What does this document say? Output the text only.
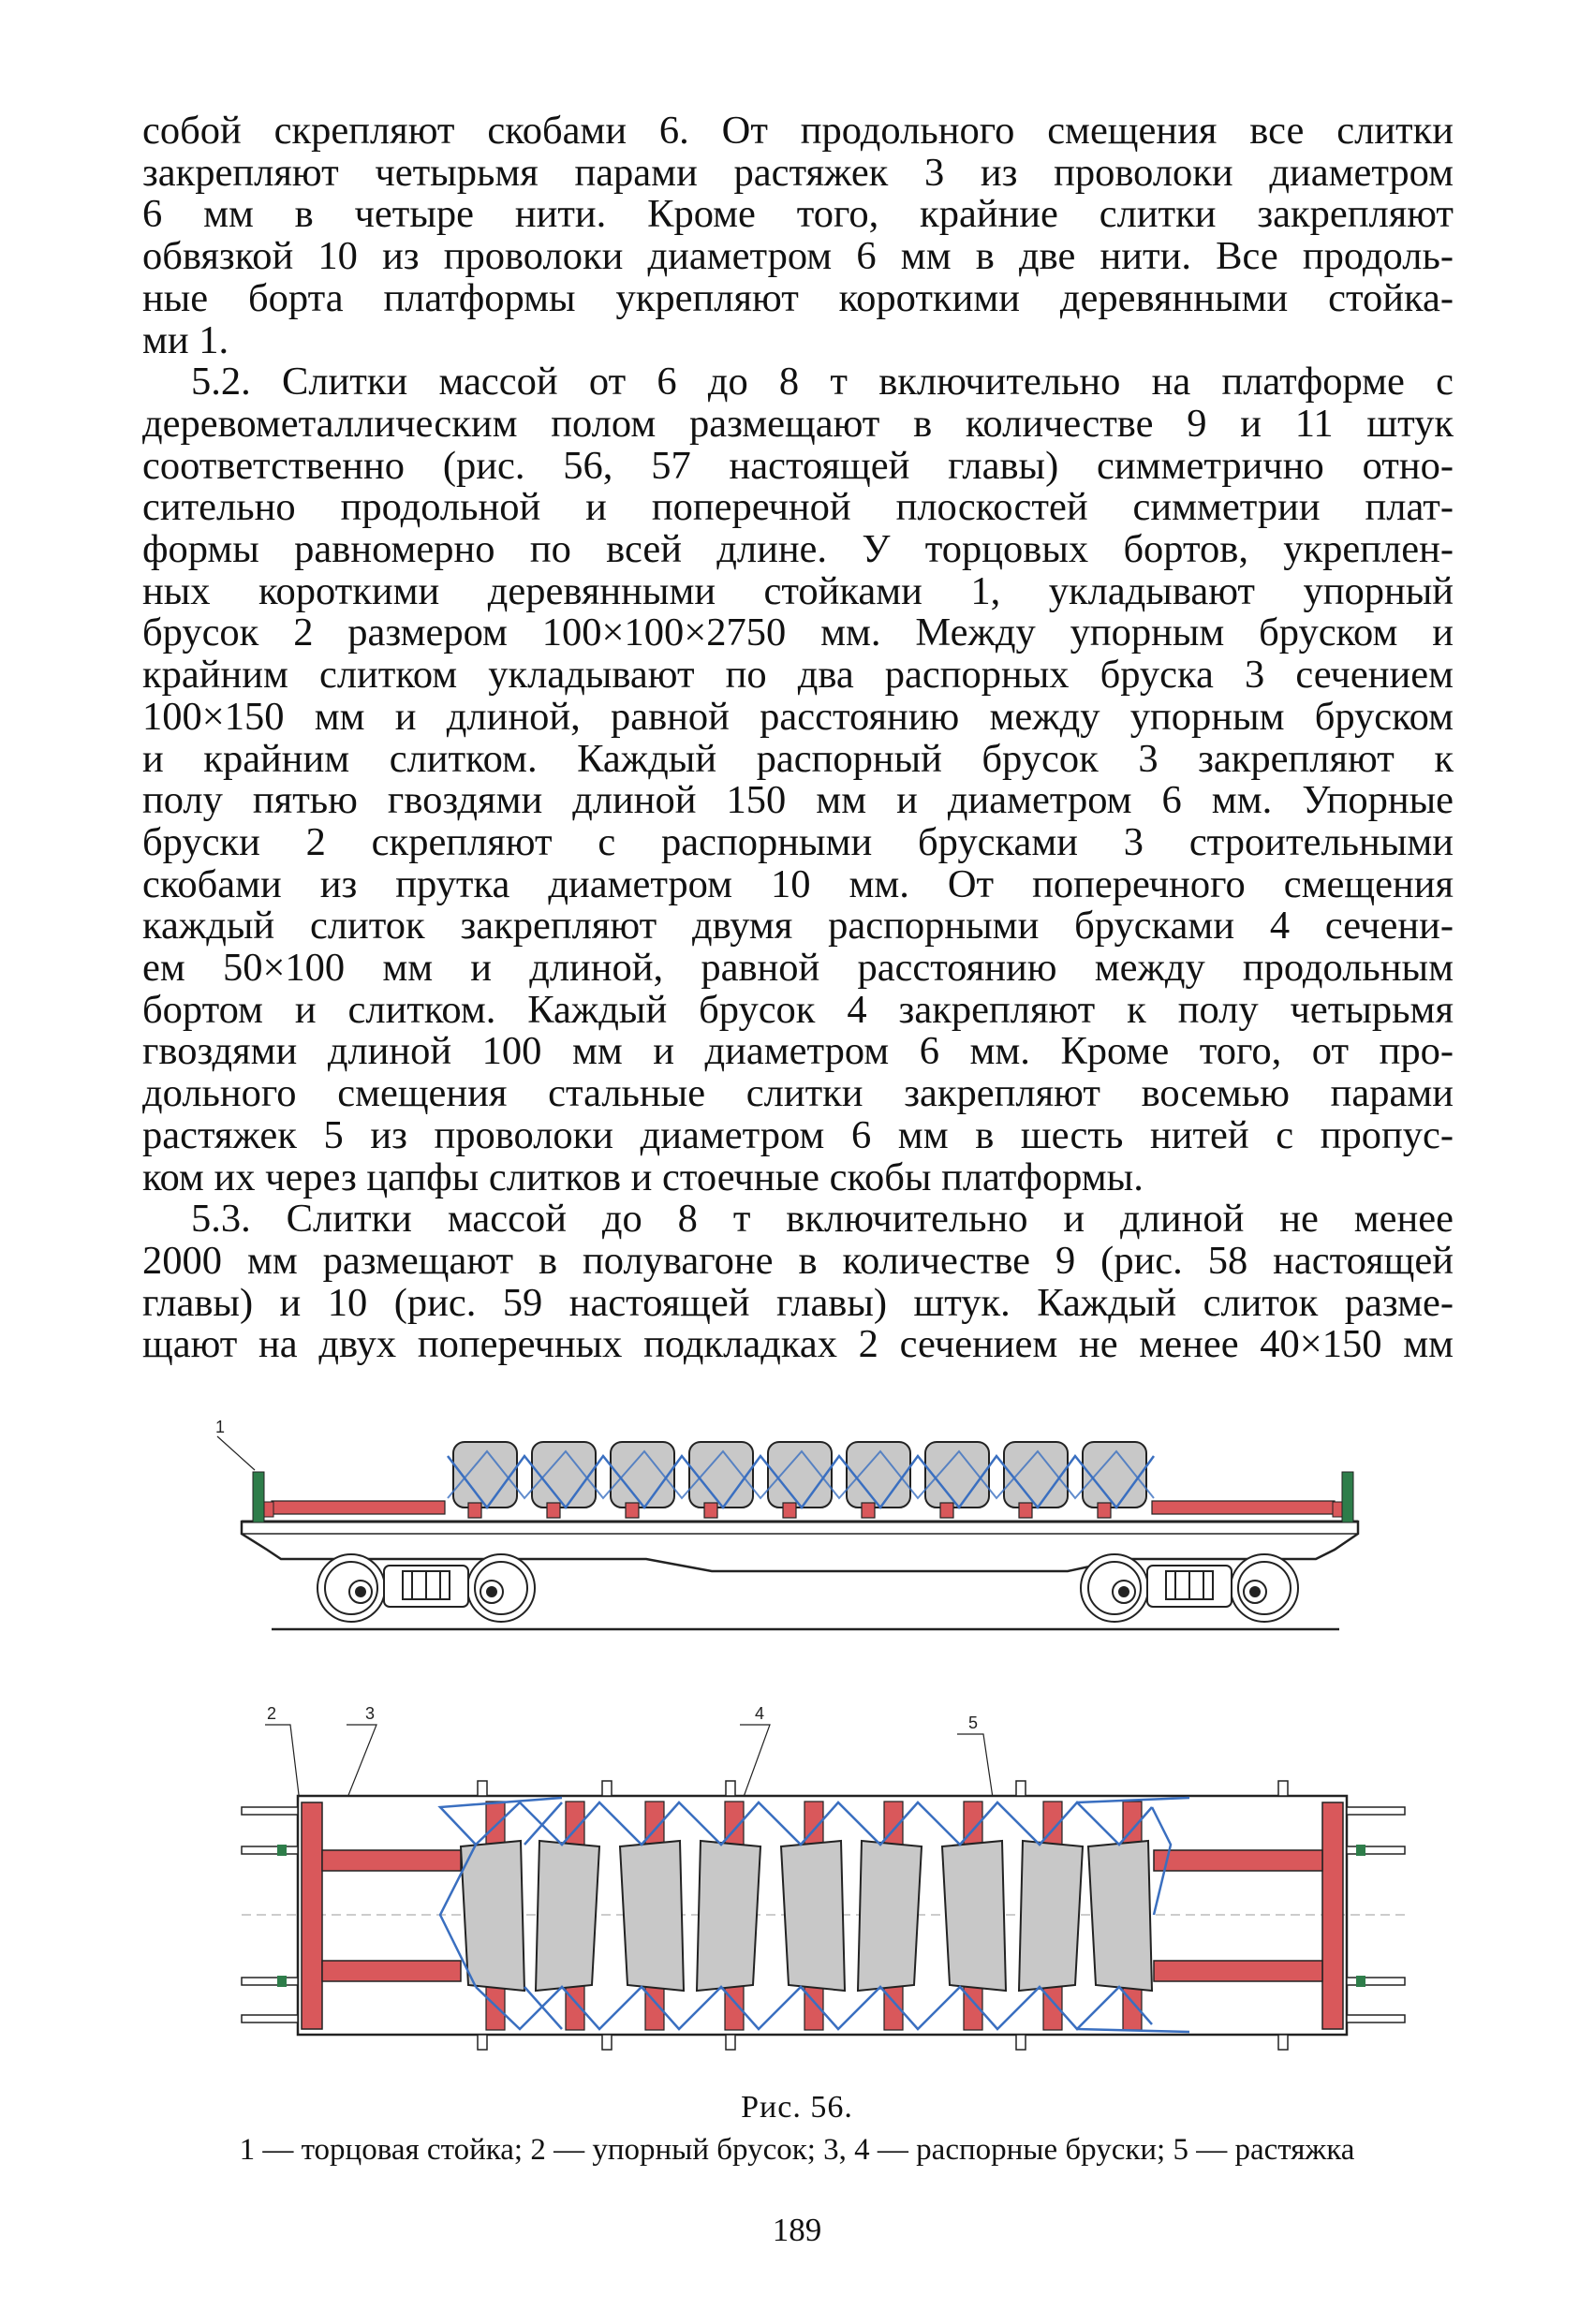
собой скрепляют скобами 6. От продольного смещения все слитки
закрепляют четырьмя парами растяжек 3 из проволоки диаметром
6 мм в четыре нити. Кроме того, крайние слитки закрепляют
обвязкой 10 из проволоки диаметром 6 мм в две нити. Все продоль-
ные борта платформы укрепляют короткими деревянными стойка-
ми 1.
5.2. Слитки массой от 6 до 8 т включительно на платформе с
деревометаллическим полом размещают в количестве 9 и 11 штук
соответственно (рис. 56, 57 настоящей главы) симметрично отно-
сительно продольной и поперечной плоскостей симметрии плат-
формы равномерно по всей длине. У торцовых бортов, укреплен-
ных короткими деревянными стойками 1, укладывают упорный
брусок 2 размером 100×100×2750 мм. Между упорным бруском и
крайним слитком укладывают по два распорных бруска 3 сечением
100×150 мм и длиной, равной расстоянию между упорным бруском
и крайним слитком. Каждый распорный брусок 3 закрепляют к
полу пятью гвоздями длиной 150 мм и диаметром 6 мм. Упорные
бруски 2 скрепляют с распорными брусками 3 строительными
скобами из прутка диаметром 10 мм. От поперечного смещения
каждый слиток закрепляют двумя распорными брусками 4 сечени-
ем 50×100 мм и длиной, равной расстоянию между продольным
бортом и слитком. Каждый брусок 4 закрепляют к полу четырьмя
гвоздями длиной 100 мм и диаметром 6 мм. Кроме того, от про-
дольного смещения стальные слитки закрепляют восемью парами
растяжек 5 из проволоки диаметром 6 мм в шесть нитей с пропус-
ком их через цапфы слитков и стоечные скобы платформы.
5.3. Слитки массой до 8 т включительно и длиной не менее
2000 мм размещают в полувагоне в количестве 9 (рис. 58 настоящей
главы) и 10 (рис. 59 настоящей главы) штук. Каждый слиток разме-
щают на двух поперечных подкладках 2 сечением не менее 40×150 мм
1
2	3	4	5
Рис. 56.
1 — торцовая стойка; 2 — упорный брусок; 3, 4 — распорные бруски; 5 — растяжка
189
